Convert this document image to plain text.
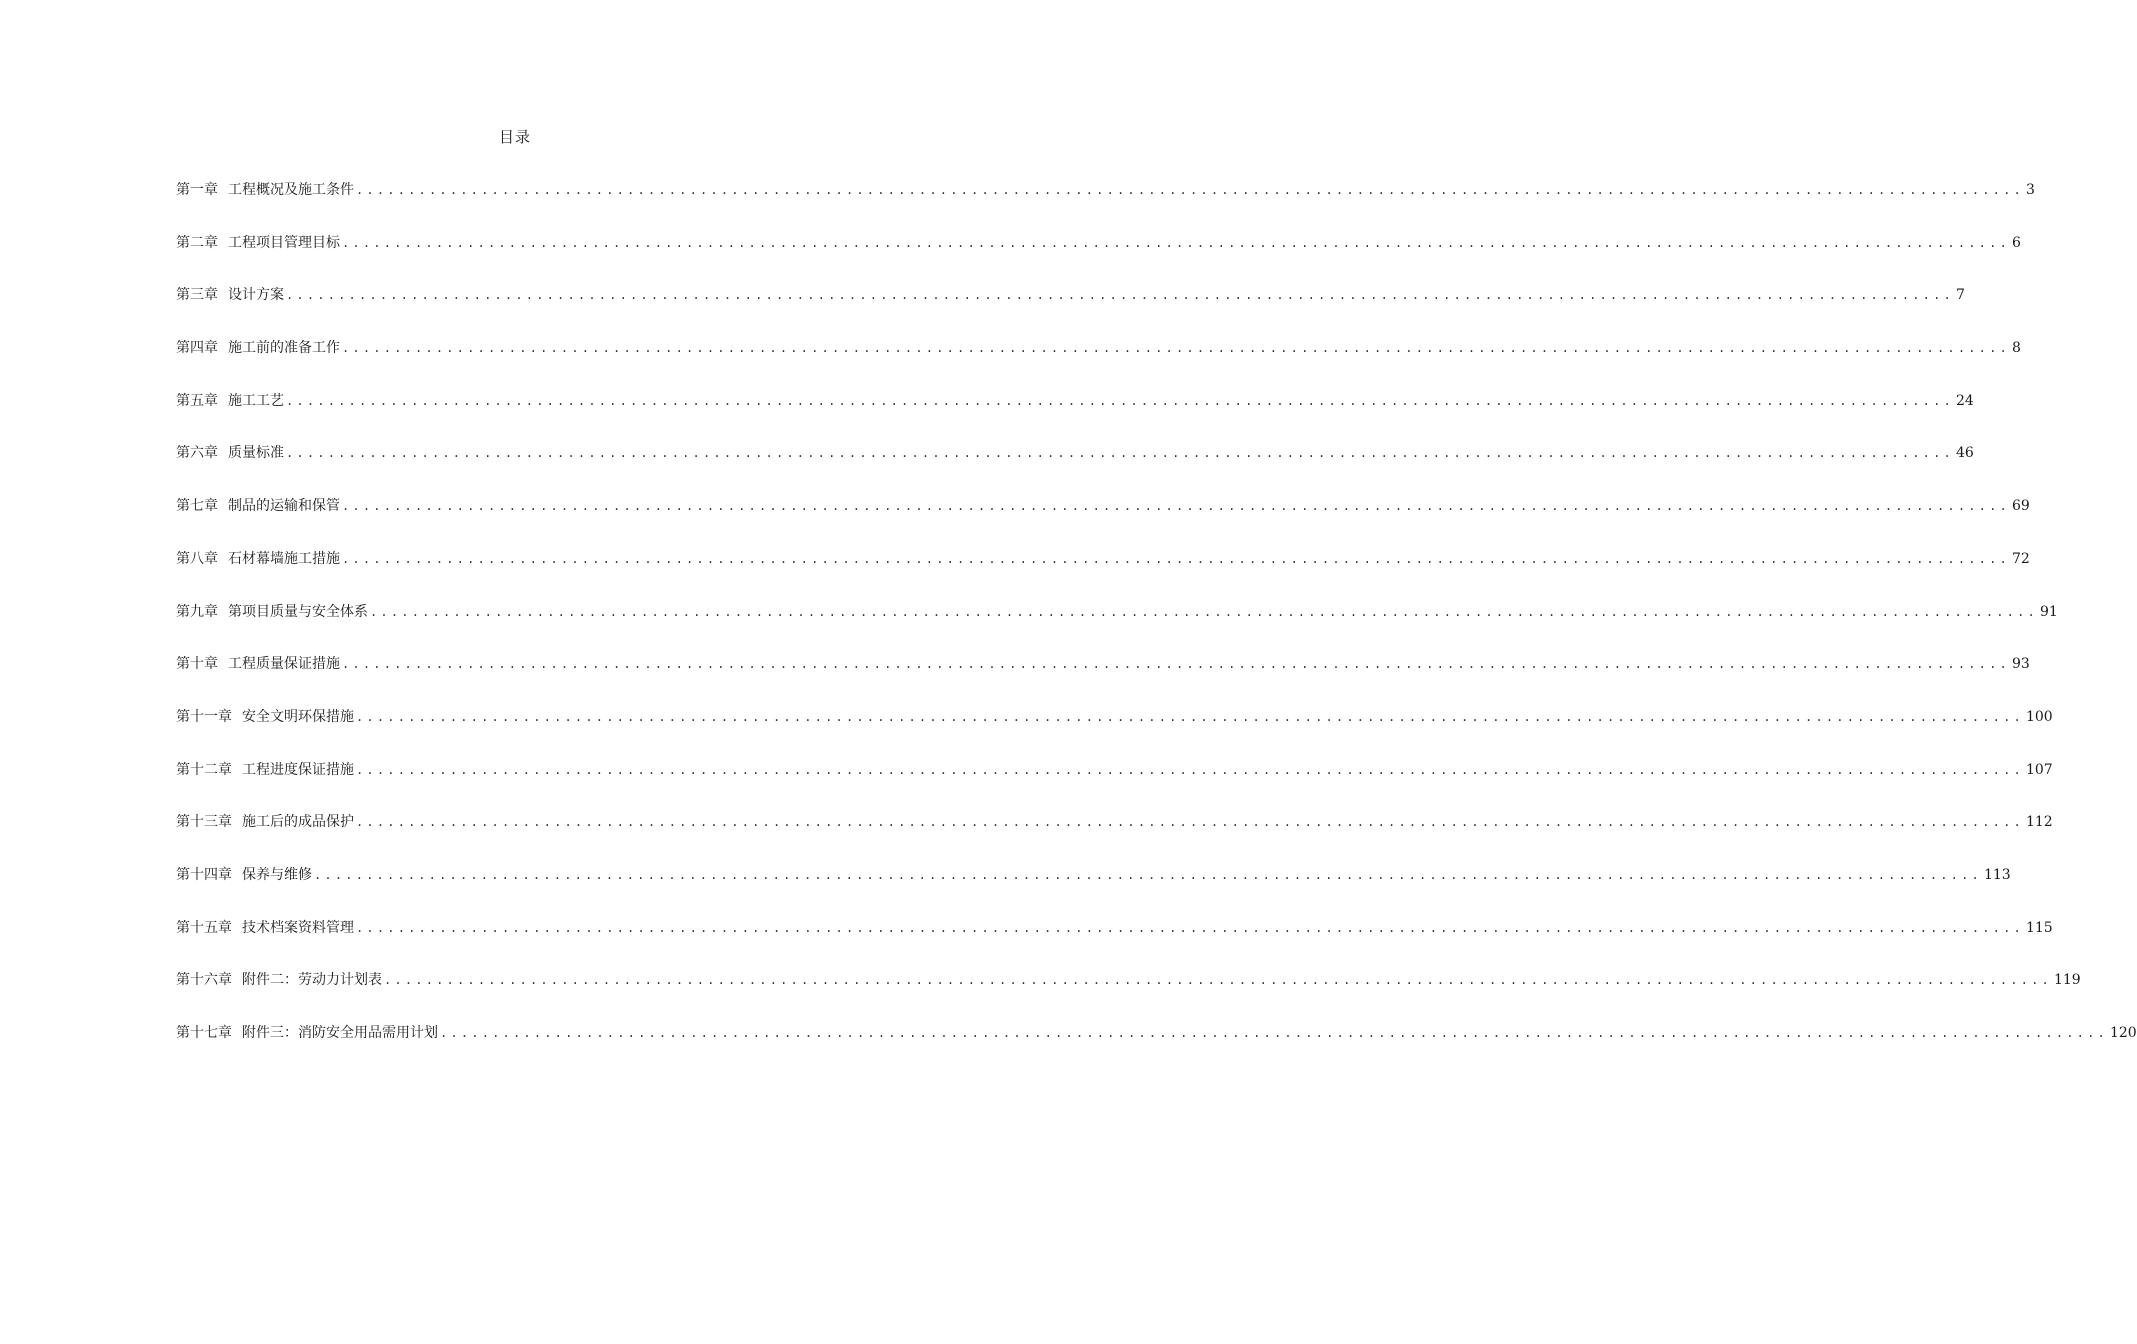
目录
第一章 工程概况及施工条件 ................................................................................................................................................................ 3
第二章 工程项目管理目标 ................................................................................................................................................................ 6
第三章 设计方案 ................................................................................................................................................................ 7
第四章 施工前的准备工作 ................................................................................................................................................................ 8
第五章 施工工艺 ................................................................................................................................................................ 24
第六章 质量标准 ................................................................................................................................................................ 46
第七章 制品的运输和保管 ................................................................................................................................................................ 69
第八章 石材幕墙施工措施 ................................................................................................................................................................ 72
第九章 第项目质量与安全体系 ................................................................................................................................................................ 91
第十章 工程质量保证措施 ................................................................................................................................................................ 93
第十一章 安全文明环保措施 ................................................................................................................................................................ 100
第十二章 工程进度保证措施 ................................................................................................................................................................ 107
第十三章 施工后的成品保护 ................................................................................................................................................................ 112
第十四章 保养与维修 ................................................................................................................................................................ 113
第十五章 技术档案资料管理 ................................................................................................................................................................ 115
第十六章 附件二：劳动力计划表 ................................................................................................................................................................ 119
第十七章 附件三：消防安全用品需用计划 ................................................................................................................................................................ 120
